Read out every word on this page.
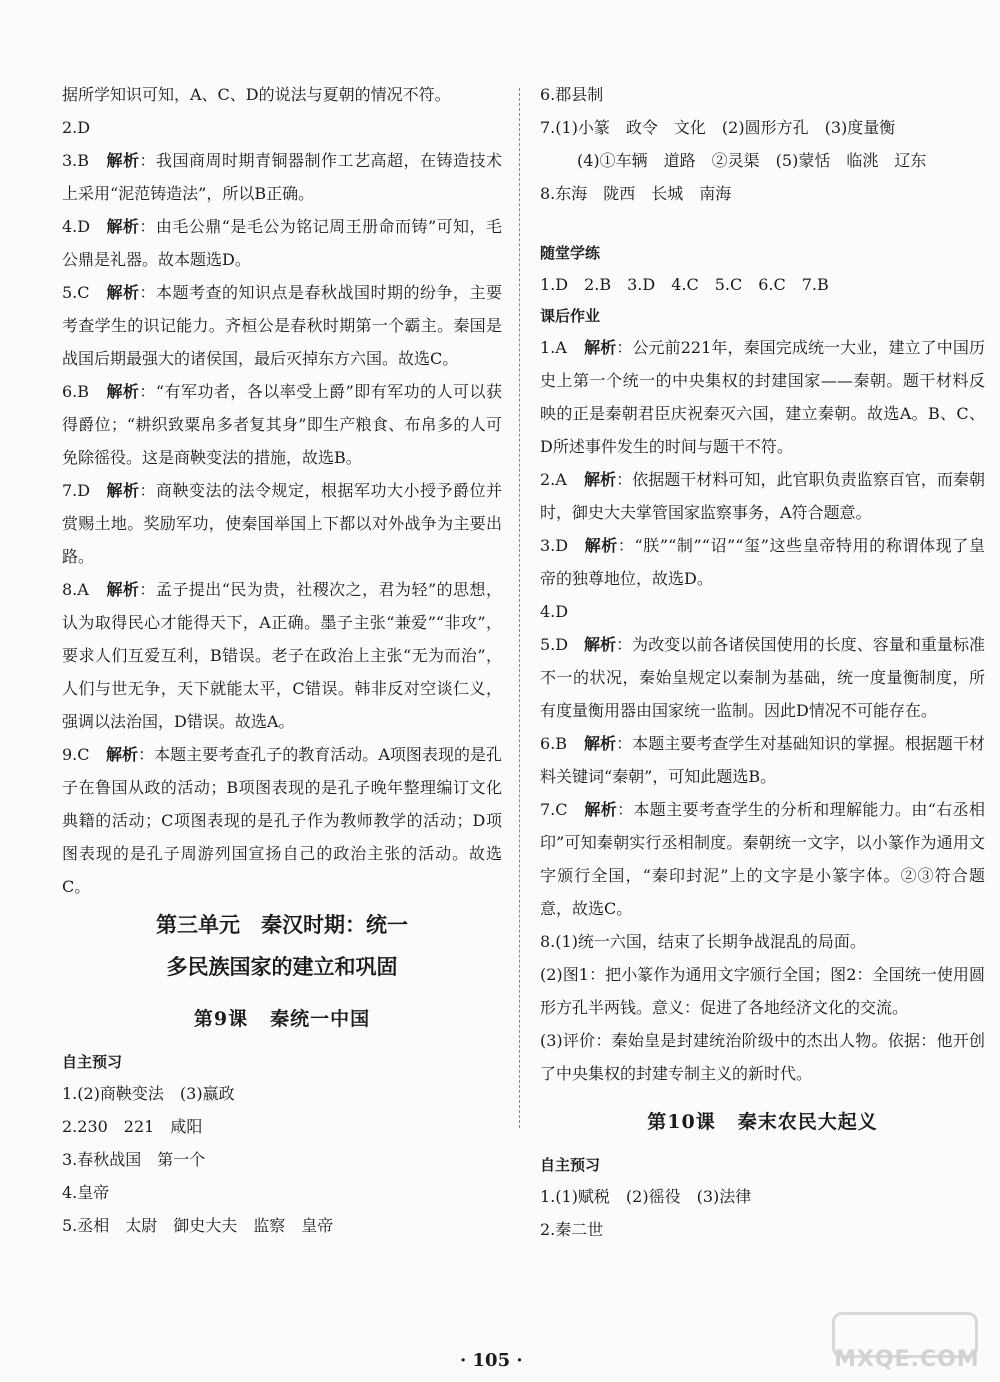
据所学知识可知，A、C、D的说法与夏朝的情况不符。

2.D

3.B 解析：我国商周时期青铜器制作工艺高超，在铸造技术上采用“泥范铸造法”，所以B正确。

4.D 解析：由毛公鼎“是毛公为铭记周王册命而铸”可知，毛公鼎是礼器。故本题选D。

5.C 解析：本题考查的知识点是春秋战国时期的纷争，主要考查学生的识记能力。齐桓公是春秋时期第一个霸主。秦国是战国后期最强大的诸侯国，最后灭掉东方六国。故选C。

6.B 解析：“有军功者，各以率受上爵”即有军功的人可以获得爵位；“耕织致粟帛多者复其身”即生产粮食、布帛多的人可免除徭役。这是商鞅变法的措施，故选B。

7.D 解析：商鞅变法的法令规定，根据军功大小授予爵位并赏赐土地。奖励军功，使秦国举国上下都以对外战争为主要出路。

8.A 解析：孟子提出“民为贵，社稷次之，君为轻”的思想，认为取得民心才能得天下，A正确。墨子主张“兼爱”“非攻”，要求人们互爱互利，B错误。老子在政治上主张“无为而治”，人们与世无争，天下就能太平，C错误。韩非反对空谈仁义，强调以法治国，D错误。故选A。

9.C 解析：本题主要考查孔子的教育活动。A项图表现的是孔子在鲁国从政的活动；B项图表现的是孔子晚年整理编订文化典籍的活动；C项图表现的是孔子作为教师教学的活动；D项图表现的是孔子周游列国宣扬自己的政治主张的活动。故选C。

第三单元　秦汉时期：统一

多民族国家的建立和巩固

第9课 秦统一中国

自主预习

1.(2)商鞅变法　(3)嬴政

2.230　221　咸阳

3.春秋战国　第一个

4.皇帝

5.丞相　太尉　御史大夫　监察　皇帝

6.郡县制

7.(1)小篆　政令　文化　(2)圆形方孔　(3)度量衡

(4)①车辆　道路　②灵渠　(5)蒙恬　临洮　辽东

8.东海　陇西　长城　南海

随堂学练

1.D　2.B　3.D　4.C　5.C　6.C　7.B

课后作业

1.A 解析：公元前221年，秦国完成统一大业，建立了中国历史上第一个统一的中央集权的封建国家——秦朝。题干材料反映的正是秦朝君臣庆祝秦灭六国，建立秦朝。故选A。B、C、D所述事件发生的时间与题干不符。

2.A 解析：依据题干材料可知，此官职负责监察百官，而秦朝时，御史大夫掌管国家监察事务，A符合题意。

3.D 解析：“朕”“制”“诏”“玺”这些皇帝特用的称谓体现了皇帝的独尊地位，故选D。

4.D

5.D 解析：为改变以前各诸侯国使用的长度、容量和重量标准不一的状况，秦始皇规定以秦制为基础，统一度量衡制度，所有度量衡用器由国家统一监制。因此D情况不可能存在。

6.B 解析：本题主要考查学生对基础知识的掌握。根据题干材料关键词“秦朝”，可知此题选B。

7.C 解析：本题主要考查学生的分析和理解能力。由“右丞相印”可知秦朝实行丞相制度。秦朝统一文字，以小篆作为通用文字颁行全国，“秦印封泥”上的文字是小篆字体。②③符合题意，故选C。

8.(1)统一六国，结束了长期争战混乱的局面。

(2)图1：把小篆作为通用文字颁行全国；图2：全国统一使用圆形方孔半两钱。意义：促进了各地经济文化的交流。

(3)评价：秦始皇是封建统治阶级中的杰出人物。依据：他开创了中央集权的封建专制主义的新时代。

第10课 秦末农民大起义

自主预习

1.(1)赋税　(2)徭役　(3)法律

2.秦二世

· 105 ·	MXQE.COM
